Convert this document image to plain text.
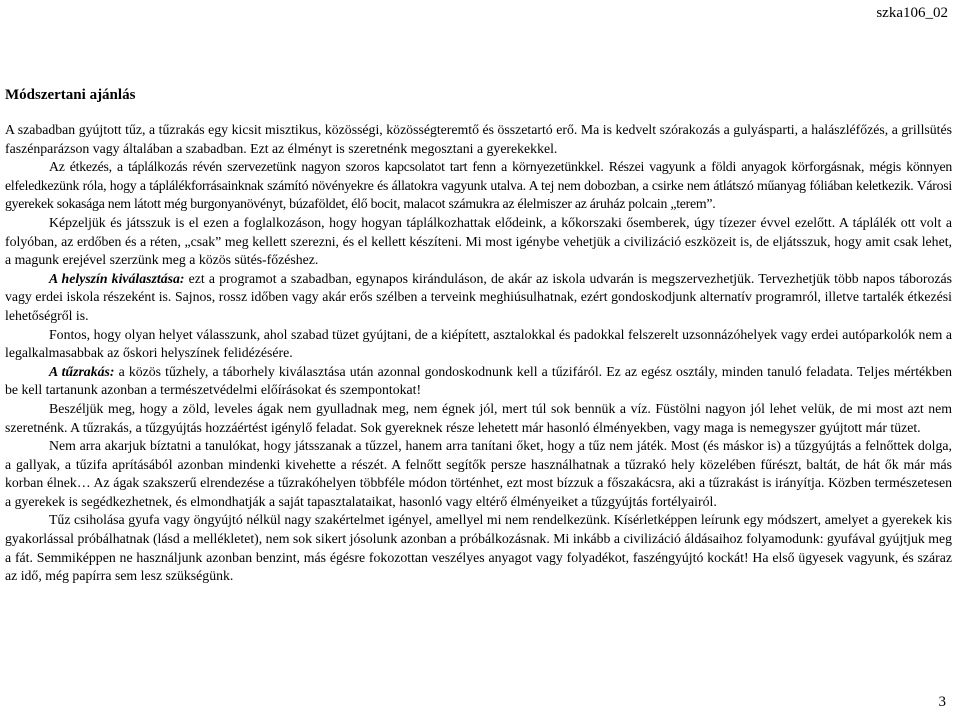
szka106_02
Módszertani ajánlás

A szabadban gyújtott tűz, a tűzrakás egy kicsit misztikus, közösségi, közösségteremtő és összetartó erő. Ma is kedvelt szórakozás a gulyásparti, a halászléfőzés, a grillsütés faszénparázson vagy általában a szabadban. Ezt az élményt is szeretnénk megosztani a gyerekekkel.

Az étkezés, a táplálkozás révén szervezetünk nagyon szoros kapcsolatot tart fenn a környezetünkkel. Részei vagyunk a földi anyagok körforgásnak, mégis könnyen elfeledkezünk róla, hogy a táplálékforrásainknak számító növényekre és állatokra vagyunk utalva. A tej nem dobozban, a csirke nem átlátszó műanyag fóliában keletkezik. Városi gyerekek sokasága nem látott még burgonyanövényt, búzaföldet, élő bocit, malacot számukra az élelmiszer az áruház polcain „terem”.

Képzeljük és játsszuk is el ezen a foglalkozáson, hogy hogyan táplálkozhattak elődeink, a kőkorszaki ősemberek, úgy tízezer évvel ezelőtt. A táplálék ott volt a folyóban, az erdőben és a réten, „csak” meg kellett szerezni, és el kellett készíteni. Mi most igénybe vehetjük a civilizáció eszközeit is, de eljátsszuk, hogy amit csak lehet, a magunk erejével szerzünk meg a közös sütés-főzéshez.

A helyszín kiválasztása: ezt a programot a szabadban, egynapos kiránduláson, de akár az iskola udvarán is megszervezhetjük. Tervezhetjük több napos táborozás vagy erdei iskola részeként is. Sajnos, rossz időben vagy akár erős szélben a terveink meghiúsulhatnak, ezért gondoskodjunk alternatív programról, illetve tartalék étkezési lehetőségről is.

Fontos, hogy olyan helyet válasszunk, ahol szabad tüzet gyújtani, de a kiépített, asztalokkal és padokkal felszerelt uzsonnázóhelyek vagy erdei autóparkolók nem a legalkalmasabbak az őskori helyszínek felidézésére.

A tűzrakás: a közös tűzhely, a táborhely kiválasztása után azonnal gondoskodnunk kell a tűzifáról. Ez az egész osztály, minden tanuló feladata. Teljes mértékben be kell tartanunk azonban a természetvédelmi előírásokat és szempontokat!

Beszéljük meg, hogy a zöld, leveles ágak nem gyulladnak meg, nem égnek jól, mert túl sok bennük a víz. Füstölni nagyon jól lehet velük, de mi most azt nem szeretnénk. A tűzrakás, a tűzgyújtás hozzáértést igénylő feladat. Sok gyereknek része lehetett már hasonló élményekben, vagy maga is nemegyszer gyújtott már tüzet.

Nem arra akarjuk bíztatni a tanulókat, hogy játsszanak a tűzzel, hanem arra tanítani őket, hogy a tűz nem játék. Most (és máskor is) a tűzgyújtás a felnőttek dolga, a gallyak, a tűzifa aprításából azonban mindenki kivehette a részét. A felnőtt segítők persze használhatnak a tűzrakó hely közelében fűrészt, baltát, de hát ők már más korban élnek… Az ágak szakszerű elrendezése a tűzrakóhelyen többféle módon történhet, ezt most bízzuk a főszakácsra, aki a tűzrakást is irányítja. Közben természetesen a gyerekek is segédkezhetnek, és elmondhatják a saját tapasztalataikat, hasonló vagy eltérő élményeiket a tűzgyújtás fortélyairól.

Tűz csiholása gyufa vagy öngyújtó nélkül nagy szakértelmet igényel, amellyel mi nem rendelkezünk. Kísérletképpen leírunk egy módszert, amelyet a gyerekek kis gyakorlással próbálhatnak (lásd a mellékletet), nem sok sikert jósolunk azonban a próbálkozásnak. Mi inkább a civilizáció áldásaihoz folyamodunk: gyufával gyújtjuk meg a fát. Semmiképpen ne használjunk azonban benzint, más égésre fokozottan veszélyes anyagot vagy folyadékot, faszéngyújtó kockát! Ha első ügyesek vagyunk, és száraz az idő, még papírra sem lesz szükségünk.

3
